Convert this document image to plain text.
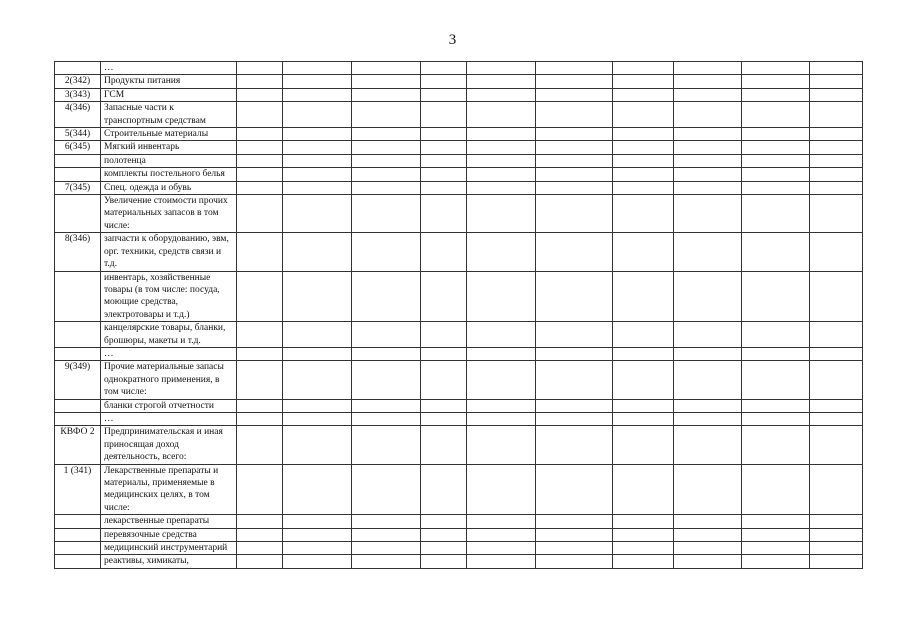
3
	…										
2(342)	Продукты питания										
3(343)	ГСМ										
4(346)	Запасные части к транспортным средствам										
5(344)	Строительные материалы										
6(345)	Мягкий инвентарь										
	полотенца										
	комплекты постельного белья										
7(345)	Спец. одежда и обувь										
	Увеличение стоимости прочих материальных запасов в том числе:										
8(346)	запчасти к оборудованию, эвм, орг. техники, средств связи и т.д.										
	инвентарь, хозяйственные товары (в том числе: посуда, моющие средства, электротовары и т.д.)										
	канцелярские товары, бланки, брошюры, макеты и т.д.										
	…										
9(349)	Прочие материальные запасы однократного применения, в том числе:										
	бланки строгой отчетности										
	…										
КВФО 2	Предпринимательская и иная приносящая доход деятельность, всего:										
1 (341)	Лекарственные препараты и материалы, применяемые в медицинских целях, в том числе:										
	лекарственные препараты										
	перевязочные средства										
	медицинский инструментарий										
	реактивы, химикаты,										
